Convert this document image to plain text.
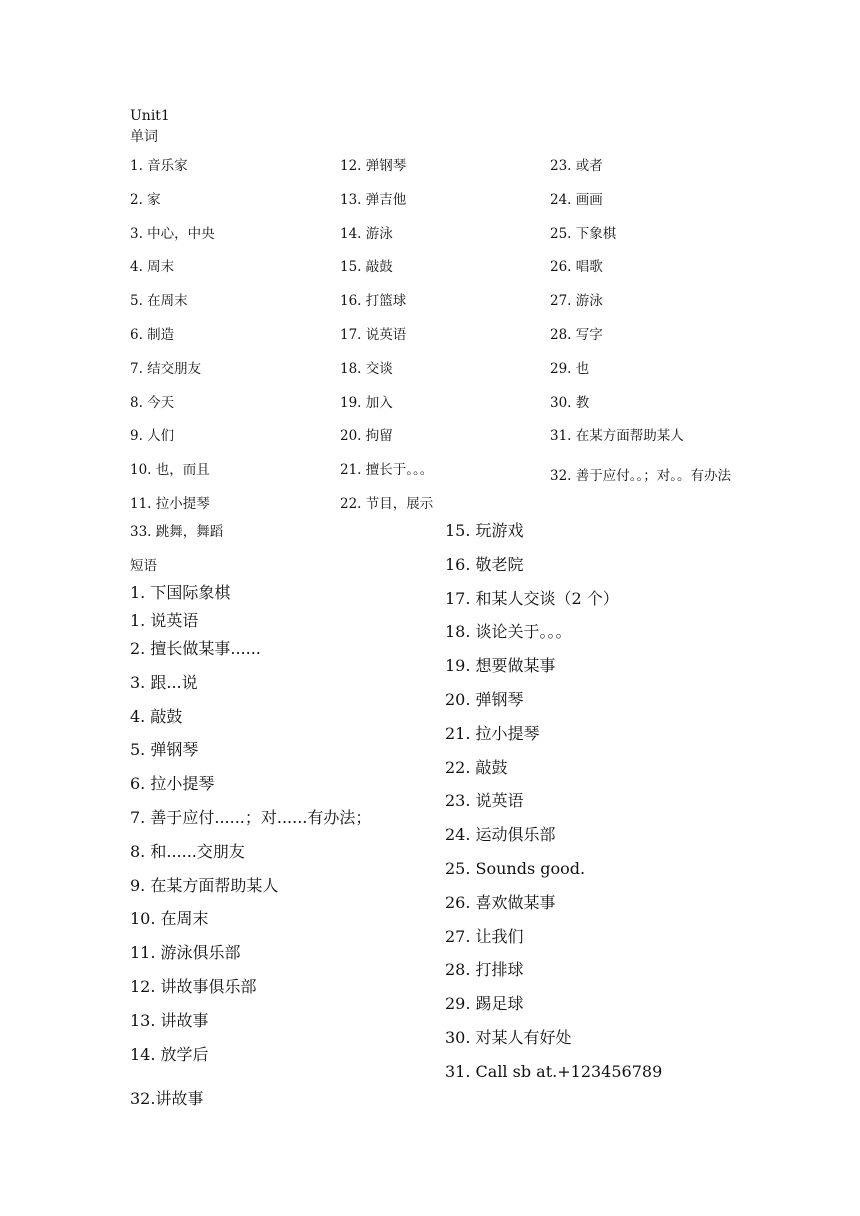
Unit1
单词
1. 音乐家
2. 家
3. 中心，中央
4. 周末
5. 在周末
6. 制造
7. 结交朋友
8. 今天
9. 人们
10. 也，而且
11. 拉小提琴
12. 弹钢琴
13. 弹吉他
14. 游泳
15. 敲鼓
16. 打篮球
17. 说英语
18. 交谈
19. 加入
20. 拘留
21. 擅长于。。。
22. 节目，展示
23. 或者
24. 画画
25. 下象棋
26. 唱歌
27. 游泳
28. 写字
29. 也
30. 教
31. 在某方面帮助某人
32. 善于应付。。；对。。有办法
33. 跳舞，舞蹈
短语
1. 下国际象棋
1. 说英语
2. 擅长做某事......
3. 跟...说
4. 敲鼓
5. 弹钢琴
6. 拉小提琴
7. 善于应付......；对......有办法；
8. 和......交朋友
9. 在某方面帮助某人
10. 在周末
11. 游泳俱乐部
12. 讲故事俱乐部
13. 讲故事
14. 放学后
15. 玩游戏
16. 敬老院
17. 和某人交谈（2 个）
18. 谈论关于。。。
19. 想要做某事
20. 弹钢琴
21. 拉小提琴
22. 敲鼓
23. 说英语
24. 运动俱乐部
25. Sounds good.
26. 喜欢做某事
27. 让我们
28. 打排球
29. 踢足球
30. 对某人有好处
31. Call sb at.+123456789
32.讲故事
